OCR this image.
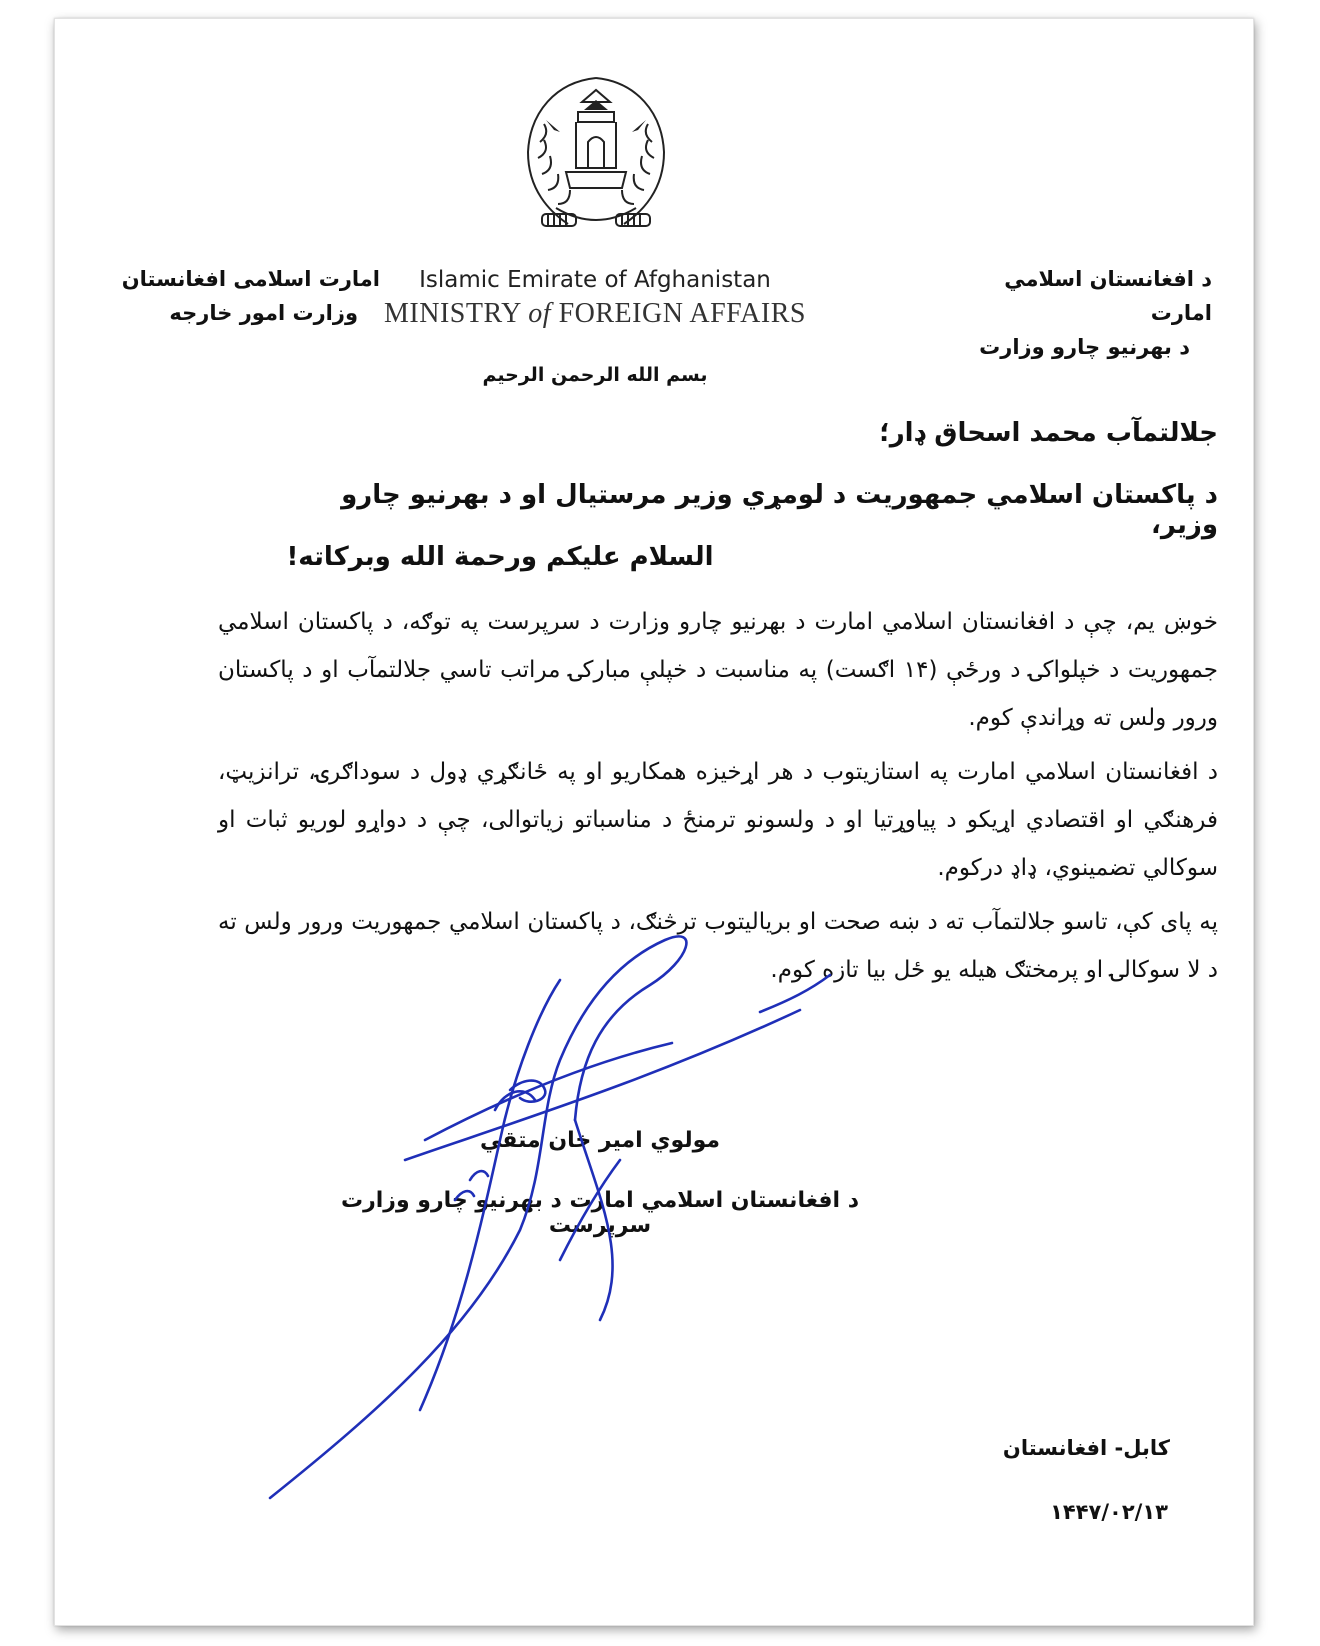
د افغانستان اسلامي امارت
د بهرنیو چارو وزارت
Islamic Emirate of Afghanistan
MINISTRY of FOREIGN AFFAIRS
امارت اسلامی افغانستان
وزارت امور خارجه
بسم الله الرحمن الرحیم
جلالتمآب محمد اسحاق ډار؛
د پاکستان اسلامي جمهوریت د لومړي وزیر مرستیال او د بهرنیو چارو وزیر،
السلام علیکم ورحمة الله وبرکاته!
خوښ یم، چې د افغانستان اسلامي امارت د بهرنیو چارو وزارت د سرپرست په توګه، د پاکستان اسلامي جمهوریت د خپلواکۍ د ورځې (۱۴ اګست) په مناسبت د خپلې مبارکۍ مراتب تاسي جلالتمآب او د پاکستان ورور ولس ته وړاندې کوم.
د افغانستان اسلامي امارت په استازیتوب د هر اړخیزه همکاریو او په ځانګړي ډول د سوداګرۍ، ترانزیټ، فرهنګي او اقتصادي اړیکو د پیاوړتیا او د ولسونو ترمنځ د مناسباتو زیاتوالی، چې د دواړو لوریو ثبات او سوکالي تضمینوي، ډاډ درکوم.
په پای کې، تاسو جلالتمآب ته د ښه صحت او بریالیتوب ترڅنګ، د پاکستان اسلامي جمهوریت ورور ولس ته د لا سوکالۍ او پرمختګ هیله یو ځل بیا تازه کوم.
مولوي امیر خان متقي
د افغانستان اسلامي امارت د بهرنیو چارو وزارت سرپرست
کابل- افغانستان
۱۴۴۷/۰۲/۱۳
